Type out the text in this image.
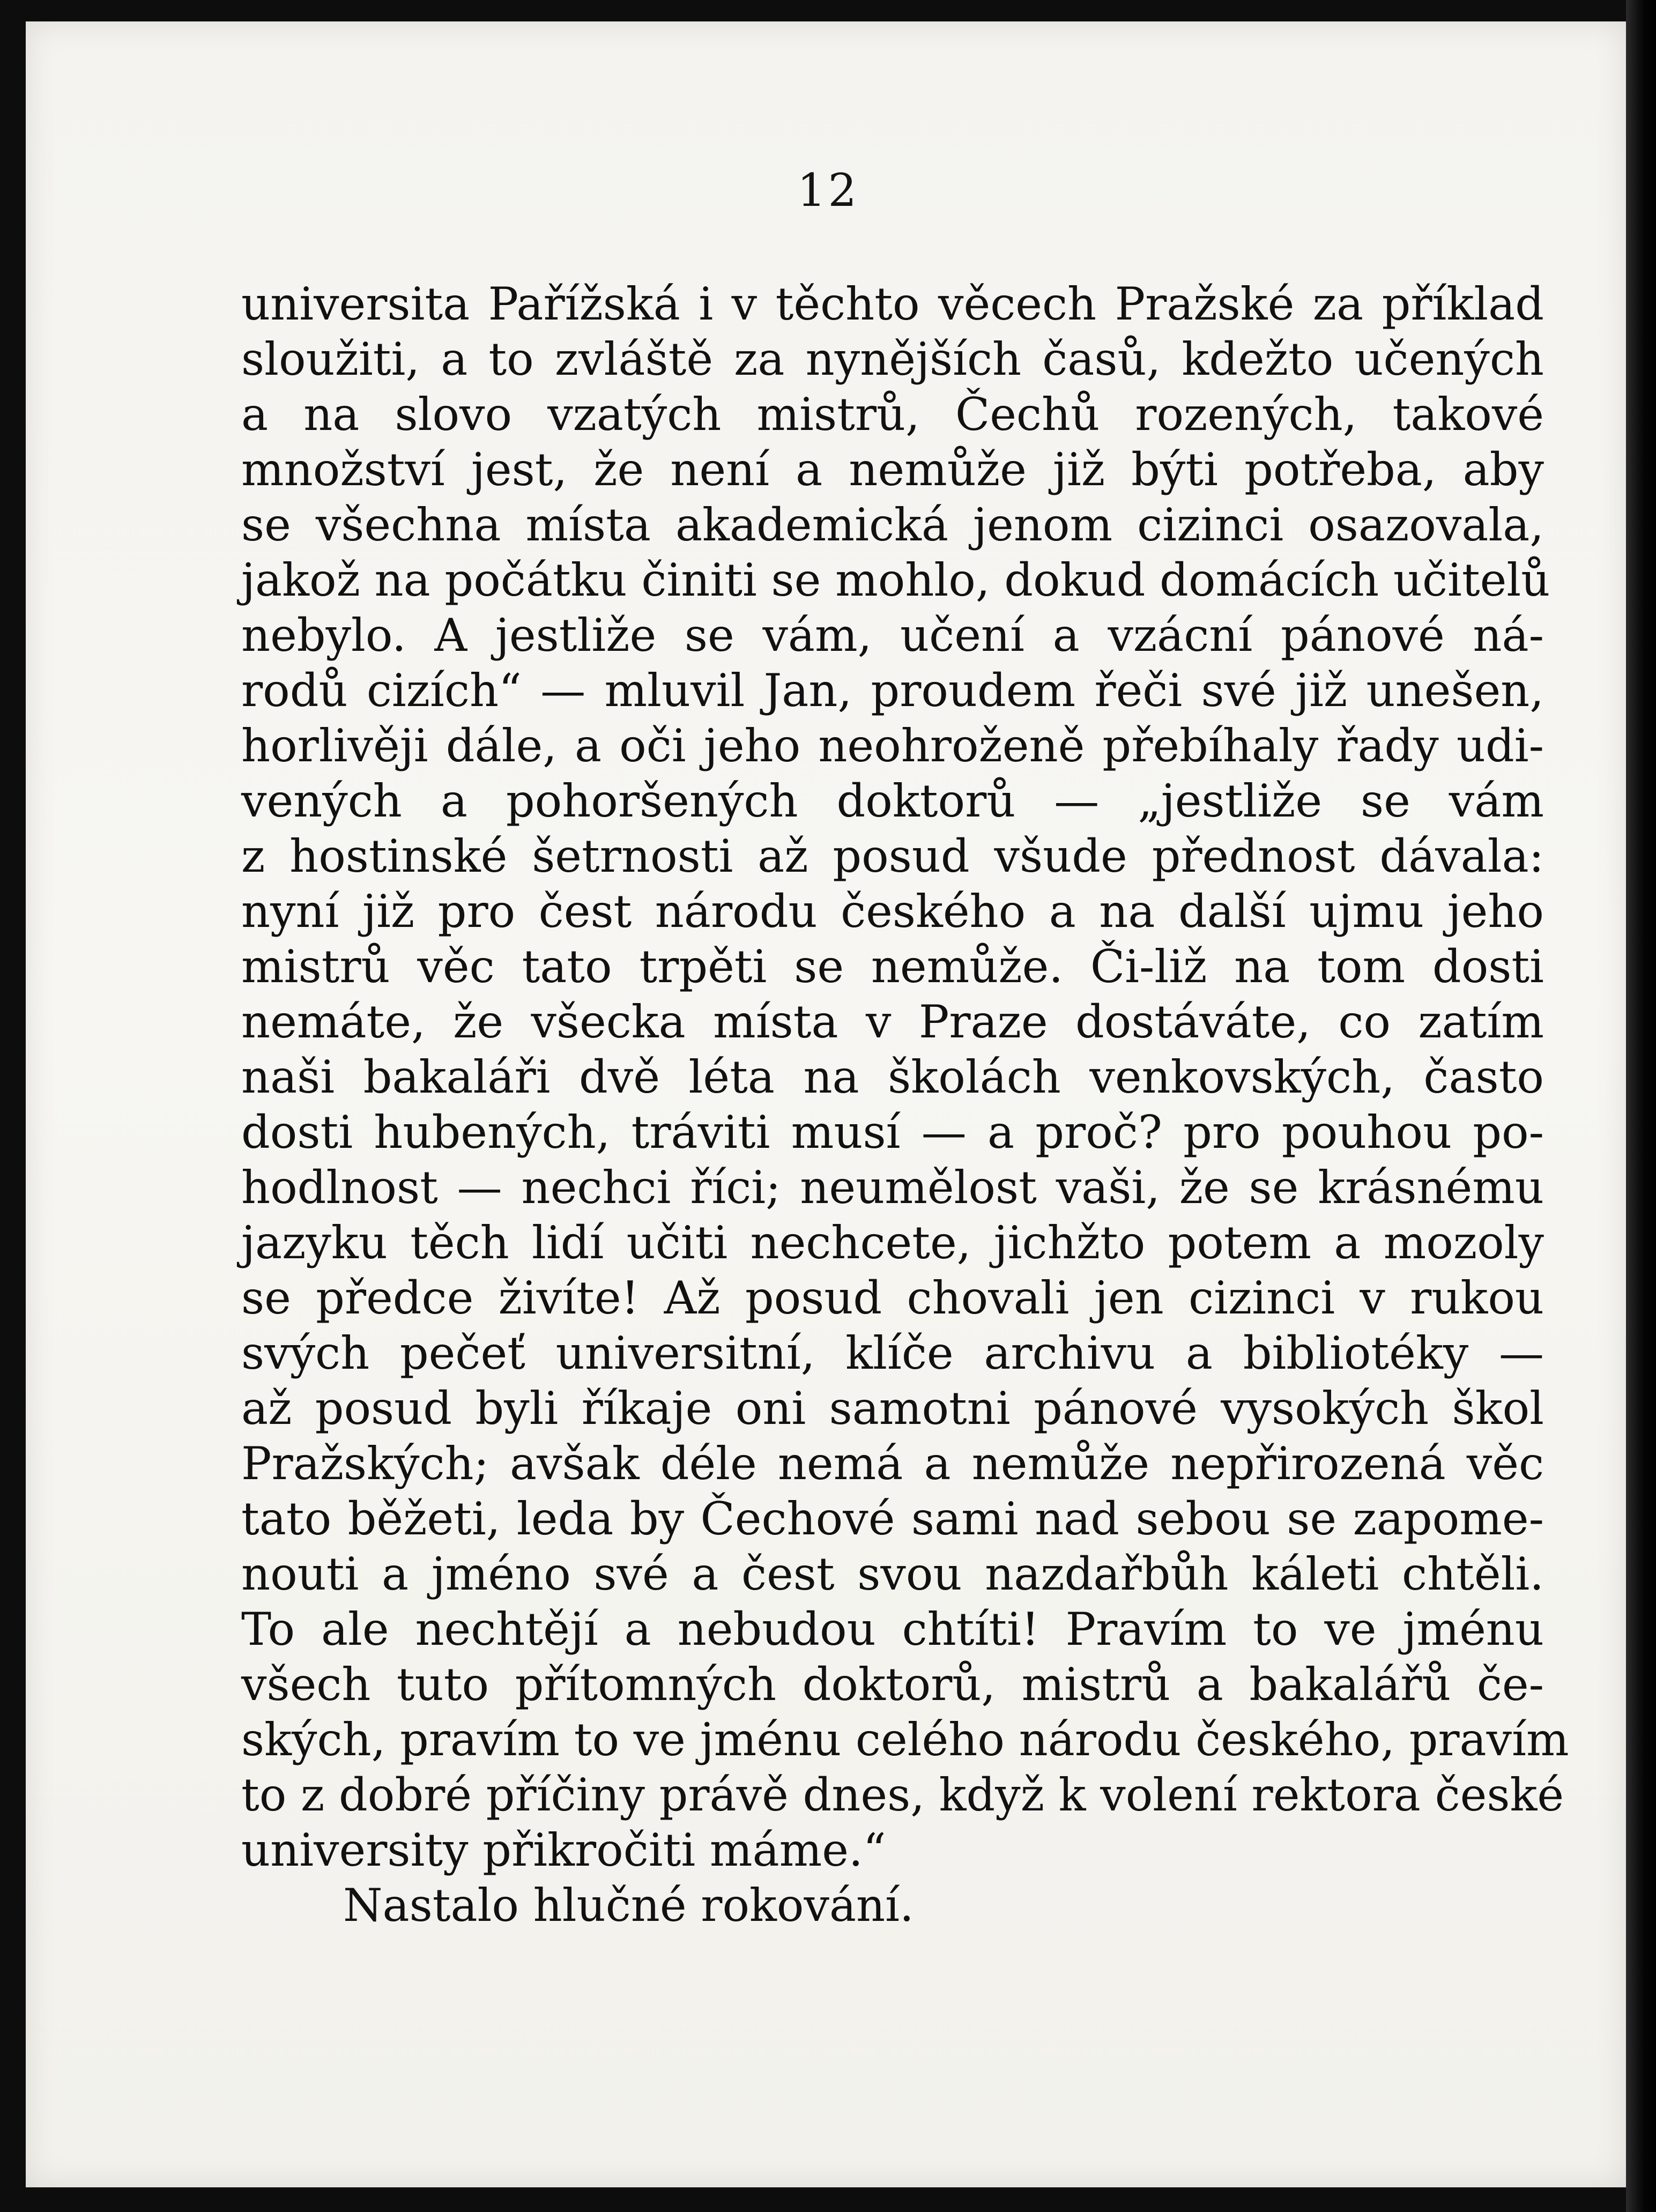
12
universita Pařížská i v těchto věcech Pražské za příklad
sloužiti, a to zvláště za nynějších časů, kdežto učených
a na slovo vzatých mistrů, Čechů rozených, takové
množství jest, že není a nemůže již býti potřeba, aby
se všechna místa akademická jenom cizinci osazovala,
jakož na počátku činiti se mohlo, dokud domácích učitelů
nebylo. A jestliže se vám, učení a vzácní pánové ná-
rodů cizích“ — mluvil Jan, proudem řeči své již unešen,
horlivěji dále, a oči jeho neohroženě přebíhaly řady udi-
vených a pohoršených doktorů — „jestliže se vám
z hostinské šetrnosti až posud všude přednost dávala:
nyní již pro čest národu českého a na další ujmu jeho
mistrů věc tato trpěti se nemůže. Či-liž na tom dosti
nemáte, že všecka místa v Praze dostáváte, co zatím
naši bakaláři dvě léta na školách venkovských, často
dosti hubených, tráviti musí — a proč? pro pouhou po-
hodlnost — nechci říci; neumělost vaši, že se krásnému
jazyku těch lidí učiti nechcete, jichžto potem a mozoly
se předce živíte! Až posud chovali jen cizinci v rukou
svých pečeť universitní, klíče archivu a bibliotéky —
až posud byli říkaje oni samotni pánové vysokých škol
Pražských; avšak déle nemá a nemůže nepřirozená věc
tato běžeti, leda by Čechové sami nad sebou se zapome-
nouti a jméno své a čest svou nazdařbůh káleti chtěli.
To ale nechtějí a nebudou chtíti! Pravím to ve jménu
všech tuto přítomných doktorů, mistrů a bakalářů če-
ských, pravím to ve jménu celého národu českého, pravím
to z dobré příčiny právě dnes, když k volení rektora české
university přikročiti máme.“
Nastalo hlučné rokování.
